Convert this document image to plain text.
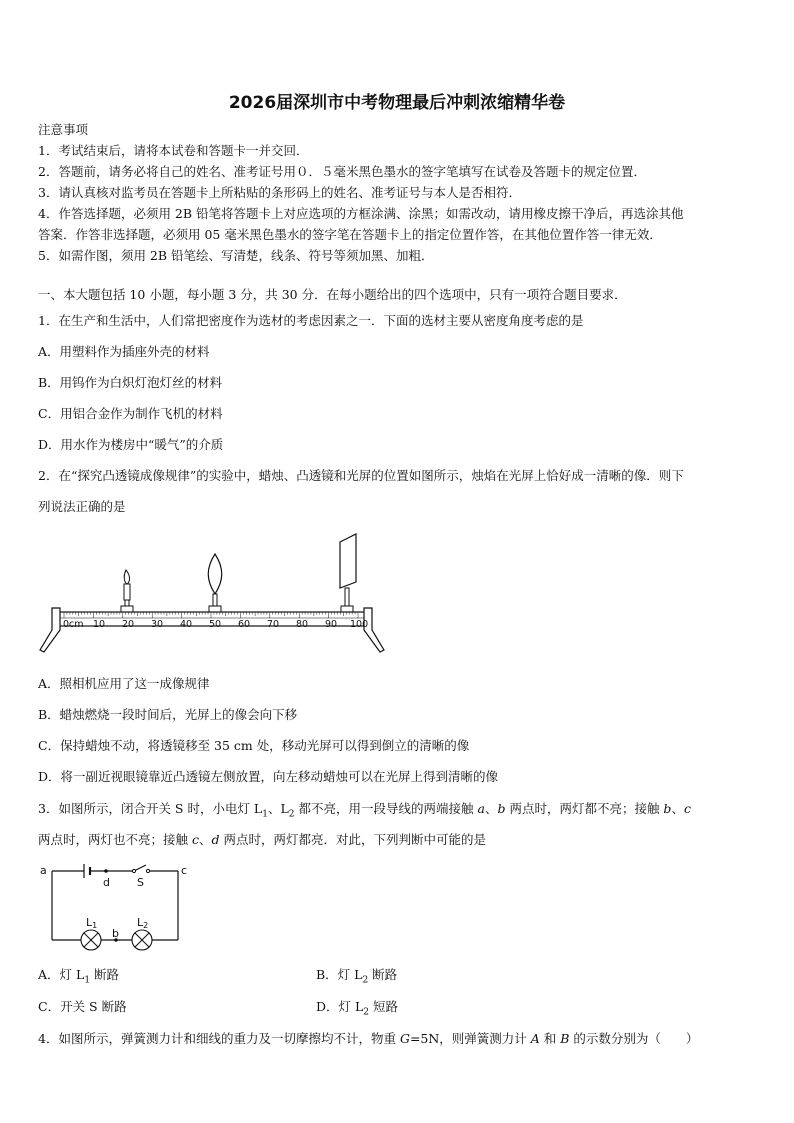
2026届深圳市中考物理最后冲刺浓缩精华卷
注意事项
1．考试结束后，请将本试卷和答题卡一并交回．
2．答题前，请务必将自己的姓名、准考证号用０．５毫米黑色墨水的签字笔填写在试卷及答题卡的规定位置．
3．请认真核对监考员在答题卡上所粘贴的条形码上的姓名、准考证号与本人是否相符．
4．作答选择题，必须用 2B 铅笔将答题卡上对应选项的方框涂满、涂黑；如需改动，请用橡皮擦干净后，再选涂其他
答案．作答非选择题，必须用 05 毫米黑色墨水的签字笔在答题卡上的指定位置作答，在其他位置作答一律无效．
5．如需作图，须用 2B 铅笔绘、写清楚，线条、符号等须加黑、加粗．
一、本大题包括 10 小题，每小题 3 分，共 30 分．在每小题给出的四个选项中，只有一项符合题目要求．
1．在生产和生活中，人们常把密度作为选材的考虑因素之一．下面的选材主要从密度角度考虑的是
A．用塑料作为插座外壳的材料
B．用钨作为白炽灯泡灯丝的材料
C．用铝合金作为制作飞机的材料
D．用水作为楼房中“暖气”的介质
2．在“探究凸透镜成像规律”的实验中，蜡烛、凸透镜和光屏的位置如图所示，烛焰在光屏上恰好成一清晰的像．则下
列说法正确的是
0cm 10 20 30 40 50 60 70 80 90 100
A．照相机应用了这一成像规律
B．蜡烛燃烧一段时间后，光屏上的像会向下移
C．保持蜡烛不动，将透镜移至 35 cm 处，移动光屏可以得到倒立的清晰的像
D．将一副近视眼镜靠近凸透镜左侧放置，向左移动蜡烛可以在光屏上得到清晰的像
3．如图所示，闭合开关 S 时，小电灯 $L_1$、$L_2$ 都不亮，用一段导线的两端接触 a、b 两点时，两灯都不亮；接触 b、c
两点时，两灯也不亮；接触 c、d 两点时，两灯都亮．对此，下列判断中可能的是
a
d S
c
b
L1	L2
A．灯 $L_1$ 断路	B．灯 $L_2$ 断路
C．开关 S 断路	D．灯 $L_2$ 短路
4．如图所示，弹簧测力计和细线的重力及一切摩擦均不计，物重 G=5N，则弹簧测力计 A 和 B 的示数分别为（　　）
